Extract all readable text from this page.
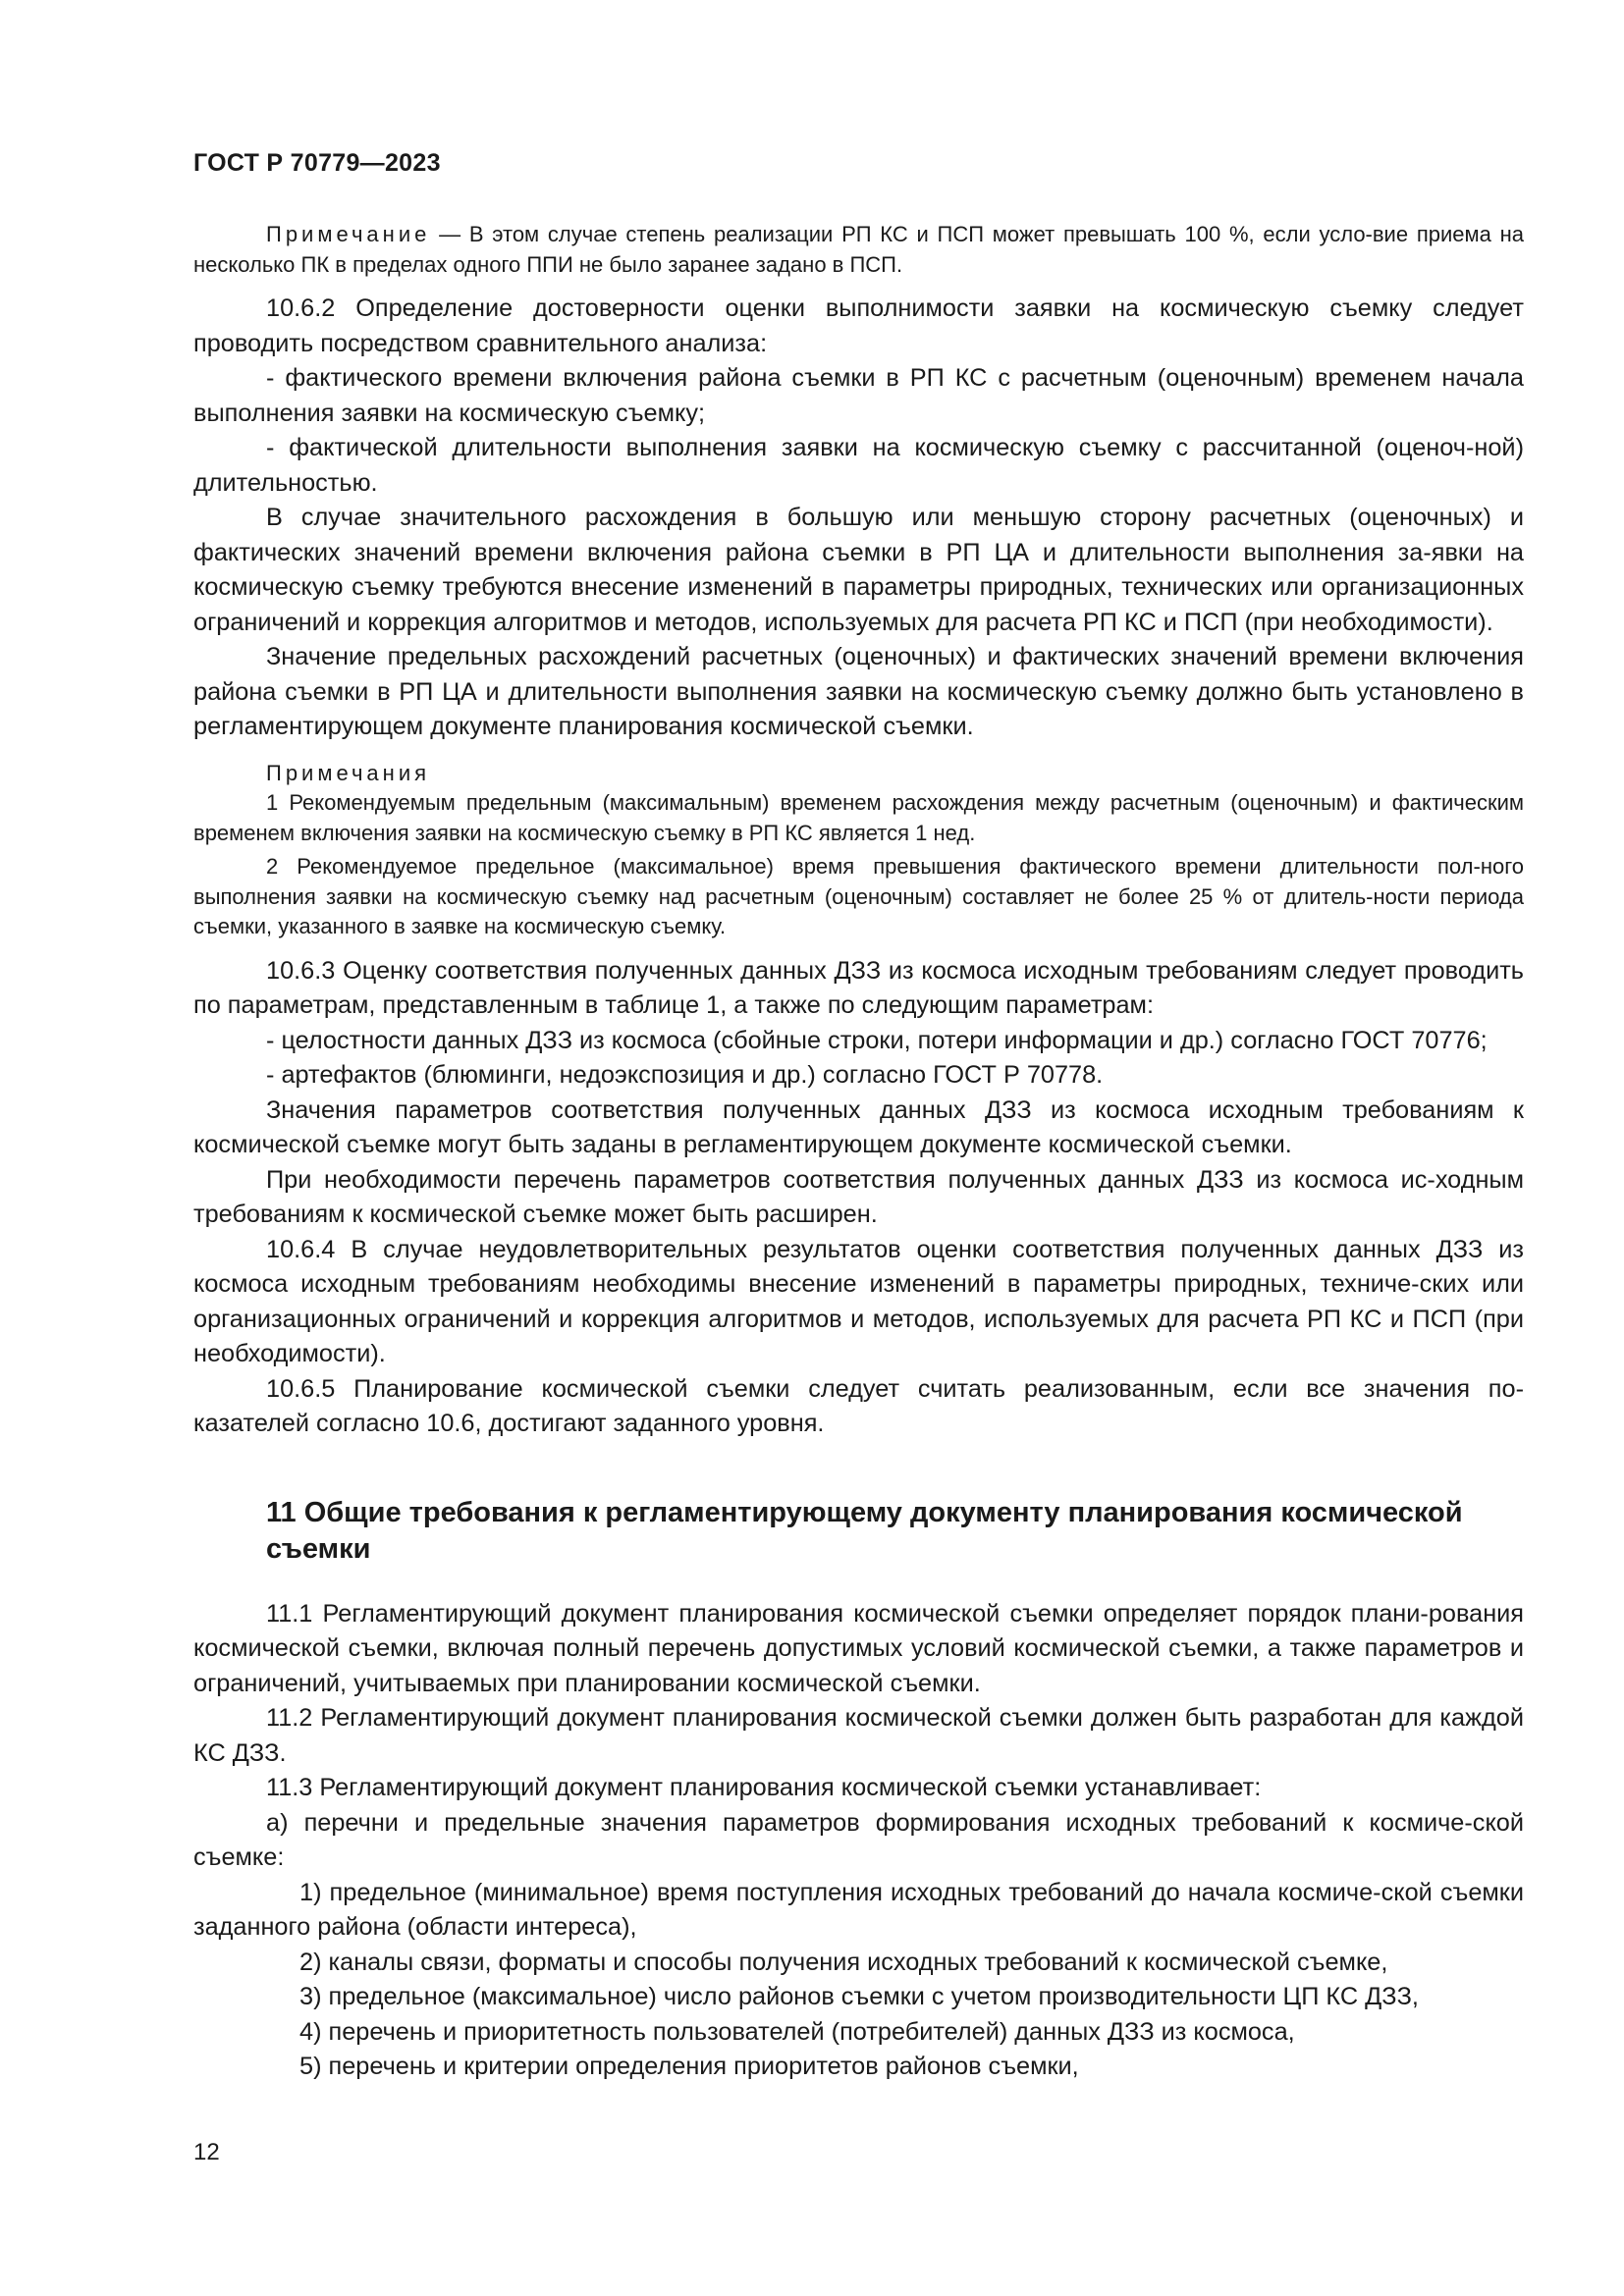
ГОСТ Р 70779—2023

Примечание — В этом случае степень реализации РП КС и ПСП может превышать 100 %, если усло-вие приема на несколько ПК в пределах одного ППИ не было заранее задано в ПСП.

10.6.2 Определение достоверности оценки выполнимости заявки на космическую съемку следует проводить посредством сравнительного анализа:

- фактического времени включения района съемки в РП КС с расчетным (оценочным) временем начала выполнения заявки на космическую съемку;

- фактической длительности выполнения заявки на космическую съемку с рассчитанной (оценоч-ной) длительностью.

В случае значительного расхождения в большую или меньшую сторону расчетных (оценочных) и фактических значений времени включения района съемки в РП ЦА и длительности выполнения за-явки на космическую съемку требуются внесение изменений в параметры природных, технических или организационных ограничений и коррекция алгоритмов и методов, используемых для расчета РП КС и ПСП (при необходимости).

Значение предельных расхождений расчетных (оценочных) и фактических значений времени включения района съемки в РП ЦА и длительности выполнения заявки на космическую съемку должно быть установлено в регламентирующем документе планирования космической съемки.

Примечания

1 Рекомендуемым предельным (максимальным) временем расхождения между расчетным (оценочным) и фактическим временем включения заявки на космическую съемку в РП КС является 1 нед.

2 Рекомендуемое предельное (максимальное) время превышения фактического времени длительности пол-ного выполнения заявки на космическую съемку над расчетным (оценочным) составляет не более 25 % от длитель-ности периода съемки, указанного в заявке на космическую съемку.

10.6.3 Оценку соответствия полученных данных ДЗЗ из космоса исходным требованиям следует проводить по параметрам, представленным в таблице 1, а также по следующим параметрам:

- целостности данных ДЗЗ из космоса (сбойные строки, потери информации и др.) согласно ГОСТ 70776;

- артефактов (блюминги, недоэкспозиция и др.) согласно ГОСТ Р 70778.

Значения параметров соответствия полученных данных ДЗЗ из космоса исходным требованиям к космической съемке могут быть заданы в регламентирующем документе космической съемки.

При необходимости перечень параметров соответствия полученных данных ДЗЗ из космоса ис-ходным требованиям к космической съемке может быть расширен.

10.6.4 В случае неудовлетворительных результатов оценки соответствия полученных данных ДЗЗ из космоса исходным требованиям необходимы внесение изменений в параметры природных, техниче-ских или организационных ограничений и коррекция алгоритмов и методов, используемых для расчета РП КС и ПСП (при необходимости).

10.6.5 Планирование космической съемки следует считать реализованным, если все значения по-казателей согласно 10.6, достигают заданного уровня.

11 Общие требования к регламентирующему документу планирования космической съемки

11.1 Регламентирующий документ планирования космической съемки определяет порядок плани-рования космической съемки, включая полный перечень допустимых условий космической съемки, а также параметров и ограничений, учитываемых при планировании космической съемки.

11.2 Регламентирующий документ планирования космической съемки должен быть разработан для каждой КС ДЗЗ.

11.3 Регламентирующий документ планирования космической съемки устанавливает:

а) перечни и предельные значения параметров формирования исходных требований к космиче-ской съемке:

1) предельное (минимальное) время поступления исходных требований до начала космиче-ской съемки заданного района (области интереса),

2) каналы связи, форматы и способы получения исходных требований к космической съемке,

3) предельное (максимальное) число районов съемки с учетом производительности ЦП КС ДЗЗ,

4) перечень и приоритетность пользователей (потребителей) данных ДЗЗ из космоса,

5) перечень и критерии определения приоритетов районов съемки,

12
